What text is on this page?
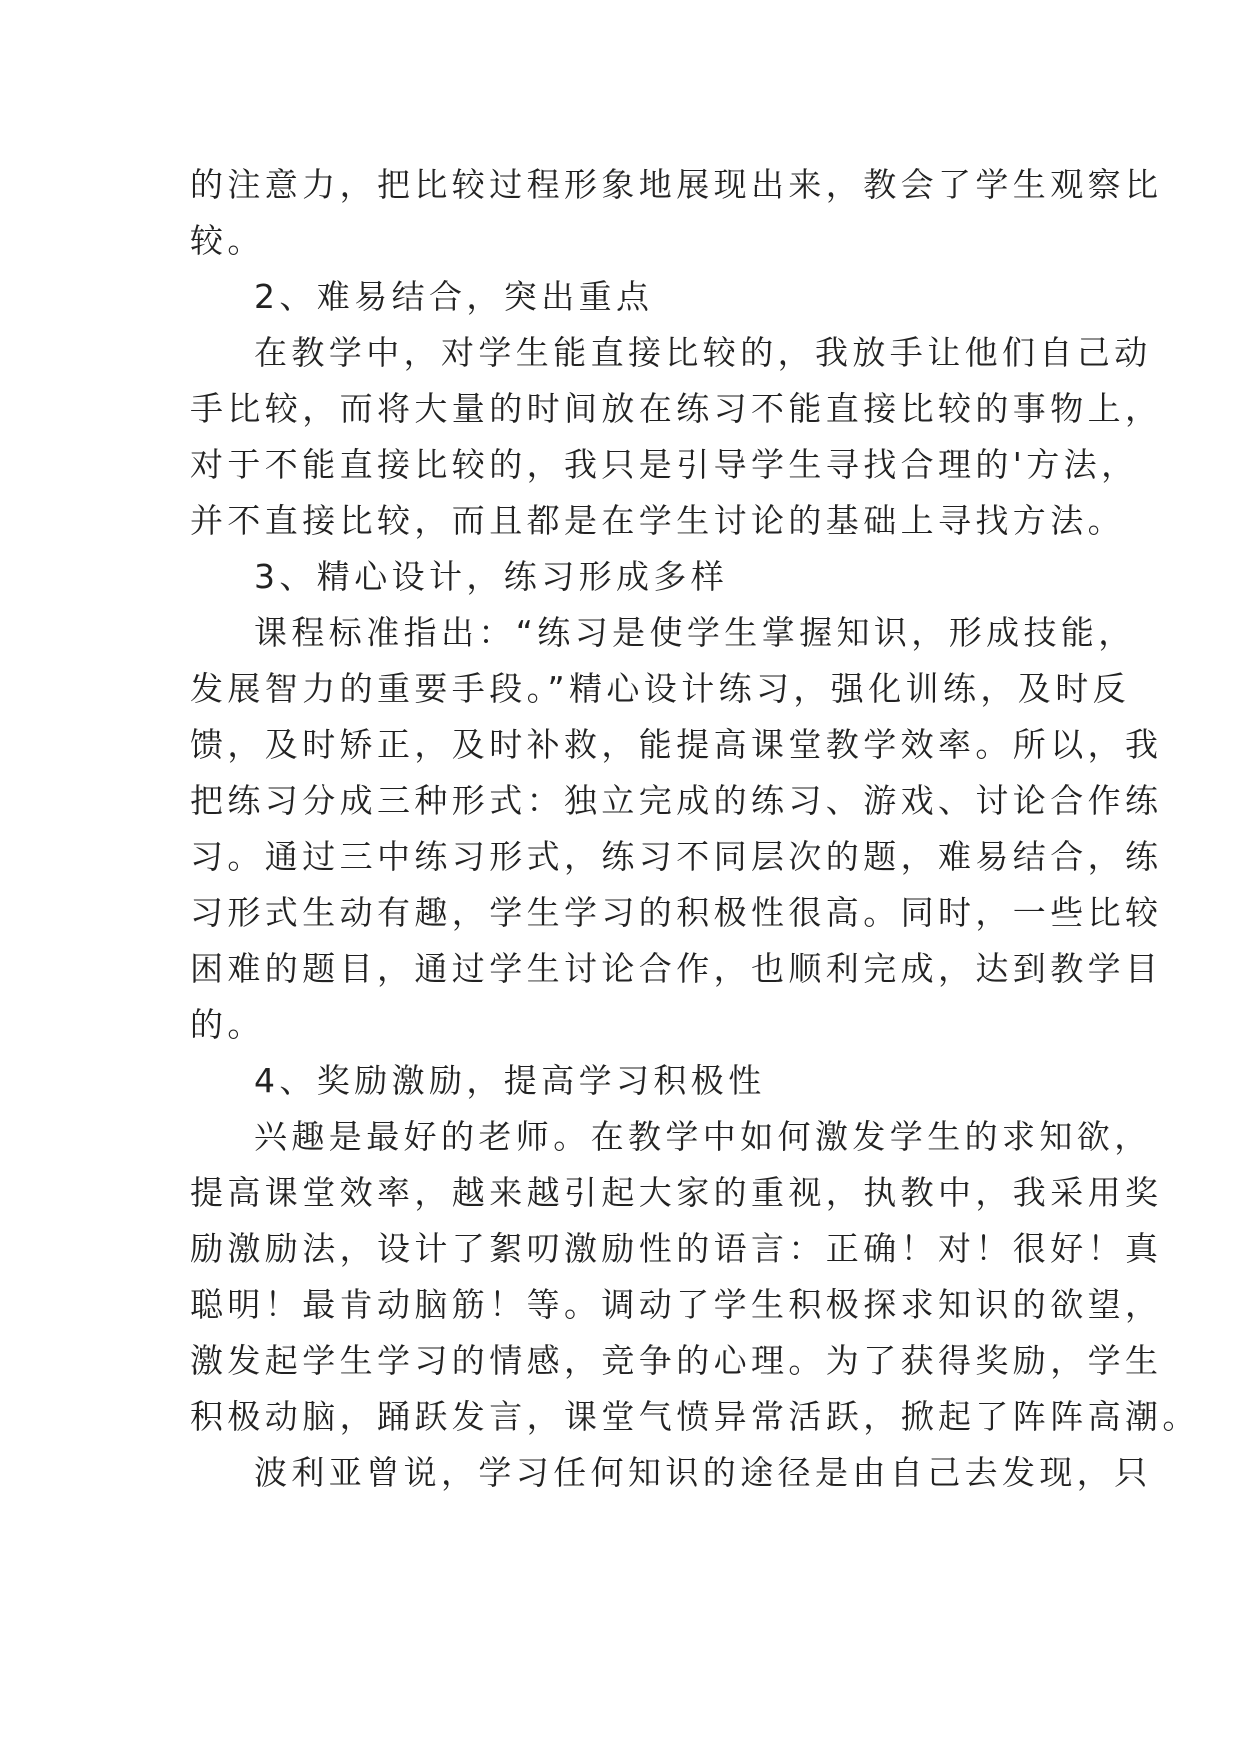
的注意力，把比较过程形象地展现出来，教会了学生观察比

较。

2、难易结合，突出重点

在教学中，对学生能直接比较的，我放手让他们自己动

手比较，而将大量的时间放在练习不能直接比较的事物上，

对于不能直接比较的，我只是引导学生寻找合理的'方法，

并不直接比较，而且都是在学生讨论的基础上寻找方法。

3、精心设计，练习形成多样

课程标准指出：“练习是使学生掌握知识，形成技能，

发展智力的重要手段。”精心设计练习，强化训练，及时反

馈，及时矫正，及时补救，能提高课堂教学效率。所以，我

把练习分成三种形式：独立完成的练习、游戏、讨论合作练

习。通过三中练习形式，练习不同层次的题，难易结合，练

习形式生动有趣，学生学习的积极性很高。同时，一些比较

困难的题目，通过学生讨论合作，也顺利完成，达到教学目

的。

4、奖励激励，提高学习积极性

兴趣是最好的老师。在教学中如何激发学生的求知欲，

提高课堂效率，越来越引起大家的重视，执教中，我采用奖

励激励法，设计了絮叨激励性的语言：正确！对！很好！真

聪明！最肯动脑筋！等。调动了学生积极探求知识的欲望，

激发起学生学习的情感，竞争的心理。为了获得奖励，学生

积极动脑，踊跃发言，课堂气愤异常活跃，掀起了阵阵高潮。

波利亚曾说，学习任何知识的途径是由自己去发现，只
